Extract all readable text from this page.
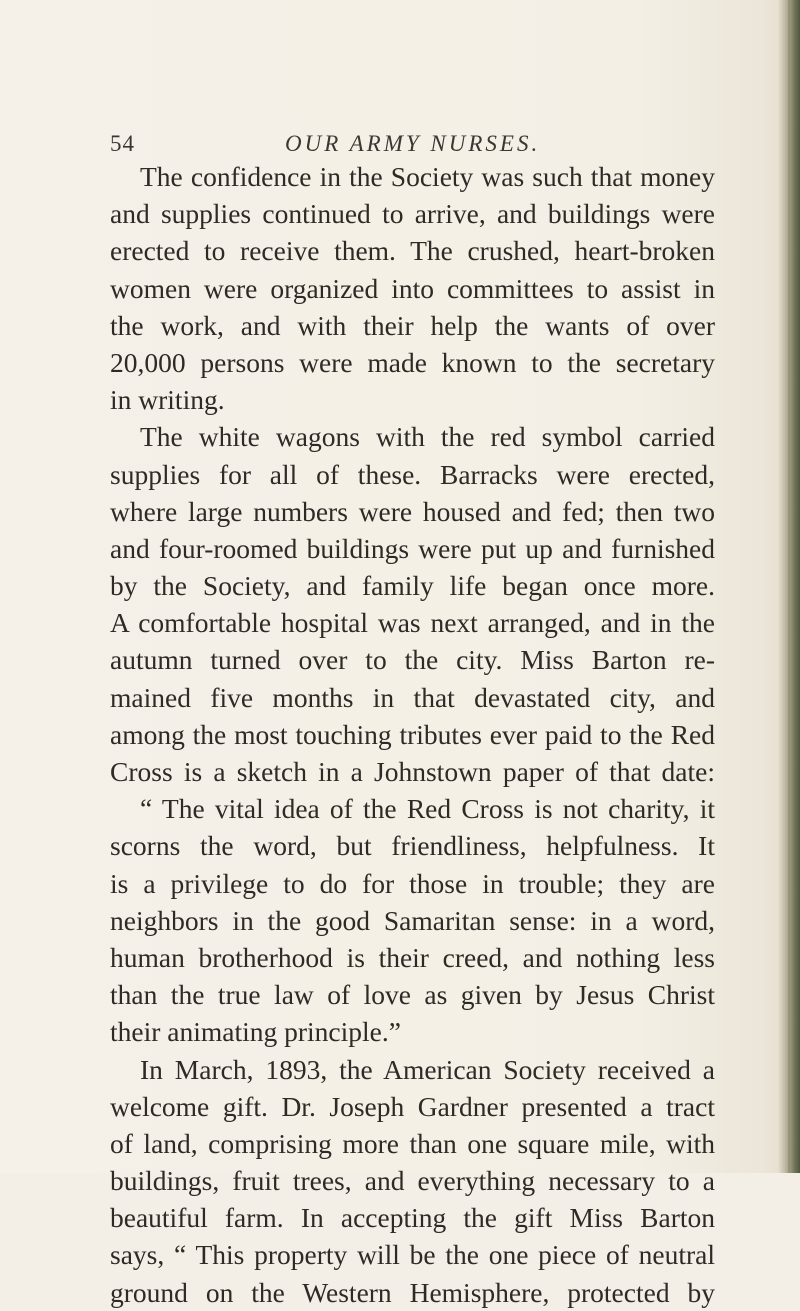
54	OUR ARMY NURSES.
The confidence in the Society was such that money
and supplies continued to arrive, and buildings were
erected to receive them. The crushed, heart-broken
women were organized into committees to assist in
the work, and with their help the wants of over
20,000 persons were made known to the secretary
in writing.
The white wagons with the red symbol carried
supplies for all of these. Barracks were erected,
where large numbers were housed and fed; then two
and four-roomed buildings were put up and furnished
by the Society, and family life began once more.
A comfortable hospital was next arranged, and in the
autumn turned over to the city. Miss Barton re-
mained five months in that devastated city, and
among the most touching tributes ever paid to the Red
Cross is a sketch in a Johnstown paper of that date:
“ The vital idea of the Red Cross is not charity, it
scorns the word, but friendliness, helpfulness. It
is a privilege to do for those in trouble; they are
neighbors in the good Samaritan sense: in a word,
human brotherhood is their creed, and nothing less
than the true law of love as given by Jesus Christ
their animating principle.”
In March, 1893, the American Society received a
welcome gift. Dr. Joseph Gardner presented a tract
of land, comprising more than one square mile, with
buildings, fruit trees, and everything necessary to a
beautiful farm. In accepting the gift Miss Barton
says, “ This property will be the one piece of neutral
ground on the Western Hemisphere, protected by
